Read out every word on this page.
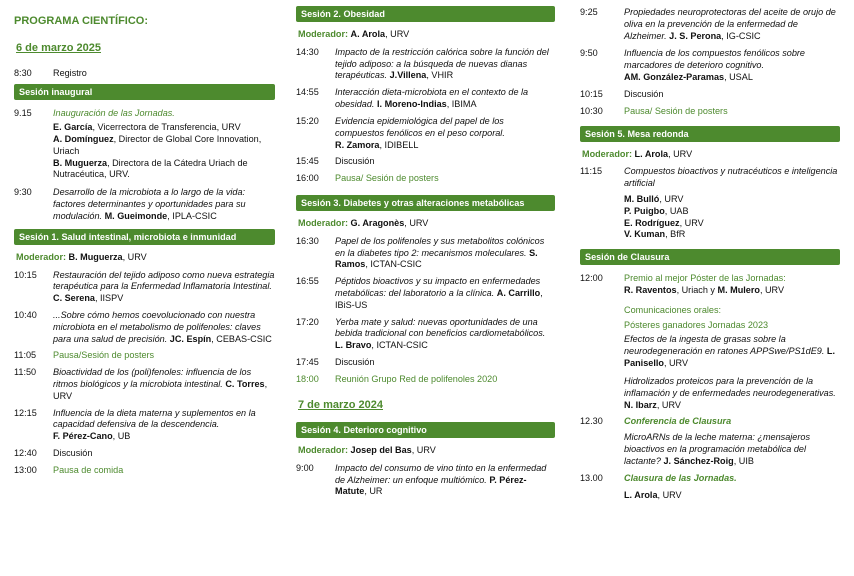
PROGRAMA CIENTÍFICO:
6 de marzo 2025
8:30	Registro
Sesión inaugural
9.15	Inauguración de las Jornadas.

E. García, Vicerrectora de Transferencia, URV

A. Domínguez, Director de Global Core Innovation, Uriach

B. Muguerza, Directora de la Cátedra Uriach de Nutracéutica, URV.

9:30	Desarrollo de la microbiota a lo largo de la vida: factores determinantes y oportunidades para su modulación. M. Gueimonde, IPLA-CSIC

Sesión 1. Salud intestinal, microbiota e inmunidad
Moderador: B. Muguerza, URV
10:15	Restauración del tejido adiposo como nueva estrategia terapéutica para la Enfermedad Inflamatoria Intestinal. C. Serena, IISPV

10:40	...Sobre cómo hemos coevolucionado con nuestra microbiota en el metabolismo de polifenoles: claves para una salud de precisión. JC. Espín, CEBAS-CSIC

11:05	Pausa/Sesión de posters
11:50	Bioactividad de los (poli)fenoles: influencia de los ritmos biológicos y la microbiota intestinal. C. Torres, URV

12:15	Influencia de la dieta materna y suplementos en la capacidad defensiva de la descendencia.
F. Pérez-Cano, UB

12:40	Discusión
13:00	Pausa de comida
Sesión 2. Obesidad
Moderador: A. Arola, URV
14:30	Impacto de la restricción calórica sobre la función del tejido adiposo: a la búsqueda de nuevas dianas terapéuticas. J.Villena, VHIR

14:55	Interacción dieta-microbiota en el contexto de la obesidad. I. Moreno-Indias, IBIMA

15:20	Evidencia epidemiológica del papel de los compuestos fenólicos en el peso corporal.
R. Zamora, IDIBELL

15:45	Discusión
16:00	Pausa/ Sesión de posters
Sesión 3. Diabetes y otras alteraciones metabólicas
Moderador: G. Aragonès, URV
16:30	Papel de los polifenoles y sus metabolitos colónicos en la diabetes tipo 2: mecanismos moleculares. S. Ramos, ICTAN-CSIC

16:55	Péptidos bioactivos y su impacto en enfermedades metabólicas: del laboratorio a la clínica. A. Carrillo, IBiS-US

17:20	Yerba mate y salud: nuevas oportunidades de una bebida tradicional con beneficios cardiometabólicos. L. Bravo, ICTAN-CSIC

17:45	Discusión
18:00	Reunión Grupo Red de polifenoles 2020
7 de marzo 2024
Sesión 4. Deterioro cognitivo
Moderador: Josep del Bas, URV
9:00	Impacto del consumo de vino tinto en la enfermedad de Alzheimer: un enfoque multiómico. P. Pérez-Matute, UR

9:25	Propiedades neuroprotectoras del aceite de orujo de oliva en la prevención de la enfermedad de Alzheimer. J. S. Perona, IG-CSIC

9:50	Influencia de los compuestos fenólicos sobre marcadores de deterioro cognitivo.
AM. González-Paramas, USAL

10:15	Discusión
10:30	Pausa/ Sesión de posters
Sesión 5. Mesa redonda
Moderador: L. Arola, URV
11:15	Compuestos bioactivos y nutracéuticos e inteligencia artificial

M. Bulló, URV

P. Puigbo, UAB

E. Rodríguez, URV

V. Kuman, BfR

Sesión de Clausura
12:00	Premio al mejor Póster de las Jornadas:

R. Raventos, Uriach y M. Mulero, URV

Comunicaciones orales:

Pósteres ganadores Jornadas 2023

Efectos de la ingesta de grasas sobre la neurodegeneración en ratones APPSwe/PS1dE9. L. Panisello, URV

Hidrolizados proteicos para la prevención de la inflamación y de enfermedades neurodegenerativas. N. Ibarz, URV

12.30	Conferencia de Clausura

MicroARNs de la leche materna: ¿mensajeros bioactivos en la programación metabólica del lactante? J. Sánchez-Roig, UIB

13.00	Clausura de las Jornadas.

L. Arola, URV
